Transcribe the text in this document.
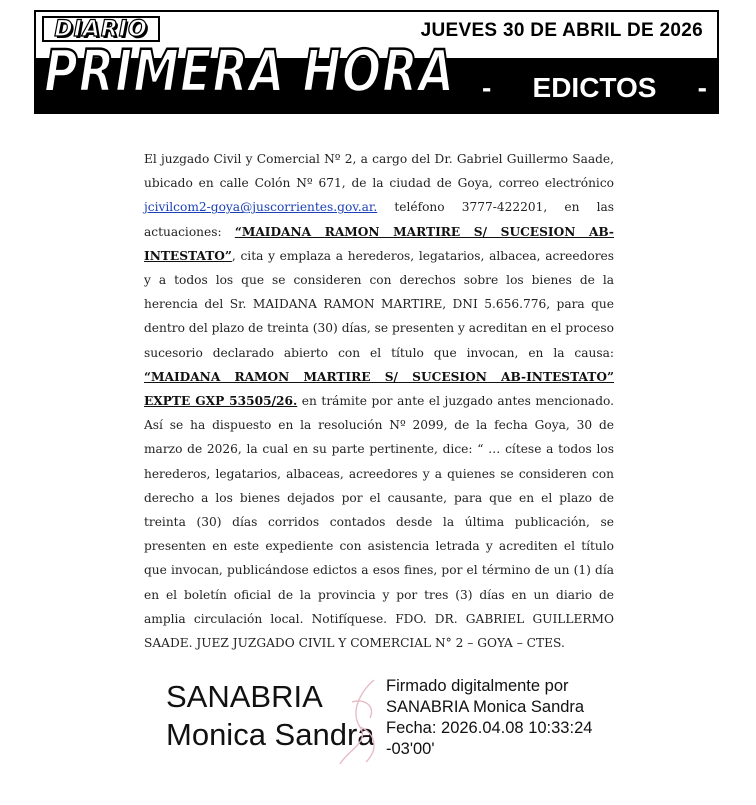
DIARIO	JUEVES 30 DE ABRIL DE 2026
PRIMERA HORA - EDICTOS -

El juzgado Civil y Comercial Nº 2, a cargo del Dr. Gabriel Guillermo Saade, ubicado en calle Colón Nº 671, de la ciudad de Goya, correo electrónico jcivilcom2-goya@juscorrientes.gov.ar. teléfono 3777-422201, en las actuaciones: “MAIDANA RAMON MARTIRE S/ SUCESION AB-INTESTATO”, cita y emplaza a herederos, legatarios, albacea, acreedores y a todos los que se consideren con derechos sobre los bienes de la herencia del Sr. MAIDANA RAMON MARTIRE, DNI 5.656.776, para que dentro del plazo de treinta (30) días, se presenten y acreditan en el proceso sucesorio declarado abierto con el título que invocan, en la causa: “MAIDANA RAMON MARTIRE S/ SUCESION AB-INTESTATO” EXPTE GXP 53505/26. en trámite por ante el juzgado antes mencionado. Así se ha dispuesto en la resolución Nº 2099, de la fecha Goya, 30 de marzo de 2026, la cual en su parte pertinente, dice: “ … cítese a todos los herederos, legatarios, albaceas, acreedores y a quienes se consideren con derecho a los bienes dejados por el causante, para que en el plazo de treinta (30) días corridos contados desde la última publicación, se presenten en este expediente con asistencia letrada y acrediten el título que invocan, publicándose edictos a esos fines, por el término de un (1) día en el boletín oficial de la provincia y por tres (3) días en un diario de amplia circulación local. Notifíquese. FDO. DR. GABRIEL GUILLERMO SAADE. JUEZ JUZGADO CIVIL Y COMERCIAL N° 2 – GOYA – CTES.

SANABRIA
Monica Sandra
Firmado digitalmente por
SANABRIA Monica Sandra
Fecha: 2026.04.08 10:33:24
-03'00'
